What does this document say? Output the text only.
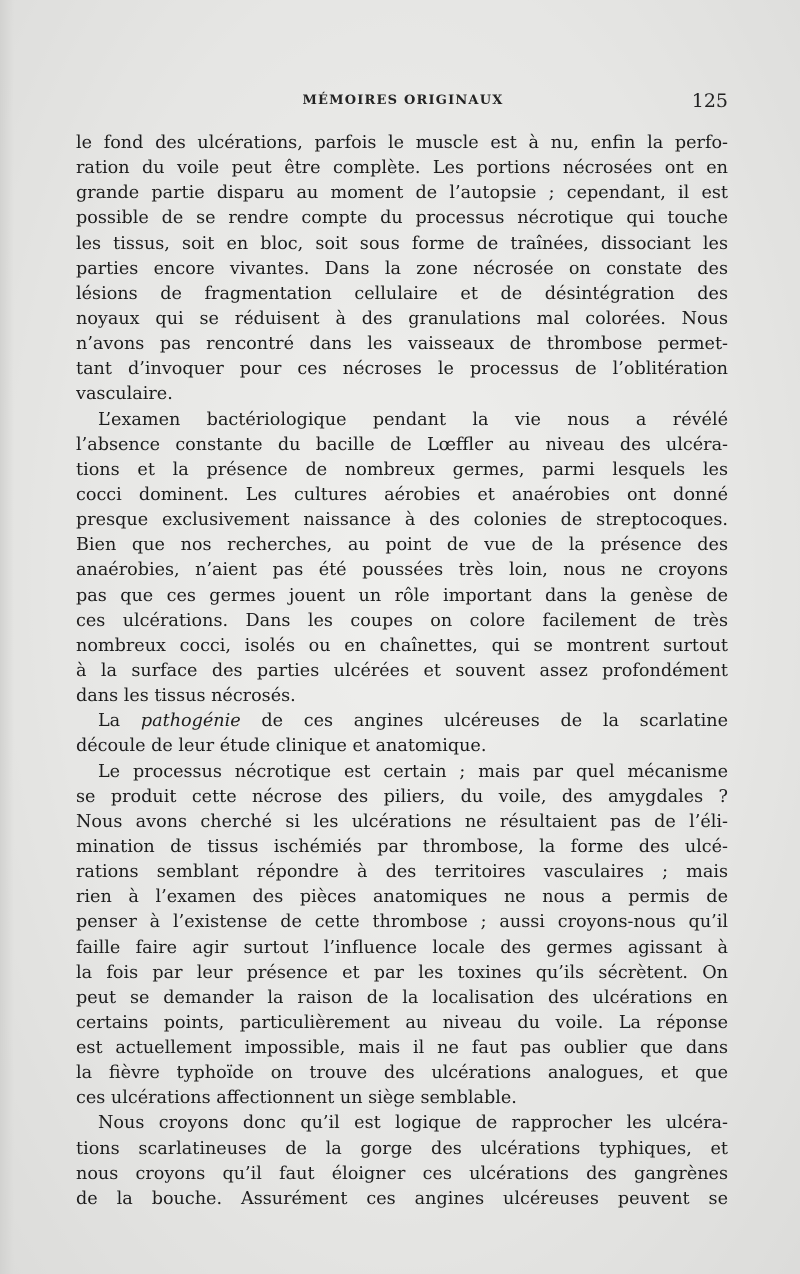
MÉMOIRES ORIGINAUX	125
le fond des ulcérations, parfois le muscle est à nu, enfin la perfo-
ration du voile peut être complète. Les portions nécrosées ont en
grande partie disparu au moment de l’autopsie ; cependant, il est
possible de se rendre compte du processus nécrotique qui touche
les tissus, soit en bloc, soit sous forme de traînées, dissociant les
parties encore vivantes. Dans la zone nécrosée on constate des
lésions de fragmentation cellulaire et de désintégration des
noyaux qui se réduisent à des granulations mal colorées. Nous
n’avons pas rencontré dans les vaisseaux de thrombose permet-
tant d’invoquer pour ces nécroses le processus de l’oblitération
vasculaire.
L’examen bactériologique pendant la vie nous a révélé
l’absence constante du bacille de Lœffler au niveau des ulcéra-
tions et la présence de nombreux germes, parmi lesquels les
cocci dominent. Les cultures aérobies et anaérobies ont donné
presque exclusivement naissance à des colonies de streptocoques.
Bien que nos recherches, au point de vue de la présence des
anaérobies, n’aient pas été poussées très loin, nous ne croyons
pas que ces germes jouent un rôle important dans la genèse de
ces ulcérations. Dans les coupes on colore facilement de très
nombreux cocci, isolés ou en chaînettes, qui se montrent surtout
à la surface des parties ulcérées et souvent assez profondément
dans les tissus nécrosés.
La pathogénie de ces angines ulcéreuses de la scarlatine
découle de leur étude clinique et anatomique.
Le processus nécrotique est certain ; mais par quel mécanisme
se produit cette nécrose des piliers, du voile, des amygdales ?
Nous avons cherché si les ulcérations ne résultaient pas de l’éli-
mination de tissus ischémiés par thrombose, la forme des ulcé-
rations semblant répondre à des territoires vasculaires ; mais
rien à l’examen des pièces anatomiques ne nous a permis de
penser à l’existense de cette thrombose ; aussi croyons-nous qu’il
faille faire agir surtout l’influence locale des germes agissant à
la fois par leur présence et par les toxines qu’ils sécrètent. On
peut se demander la raison de la localisation des ulcérations en
certains points, particulièrement au niveau du voile. La réponse
est actuellement impossible, mais il ne faut pas oublier que dans
la fièvre typhoïde on trouve des ulcérations analogues, et que
ces ulcérations affectionnent un siège semblable.
Nous croyons donc qu’il est logique de rapprocher les ulcéra-
tions scarlatineuses de la gorge des ulcérations typhiques, et
nous croyons qu’il faut éloigner ces ulcérations des gangrènes
de la bouche. Assurément ces angines ulcéreuses peuvent se
